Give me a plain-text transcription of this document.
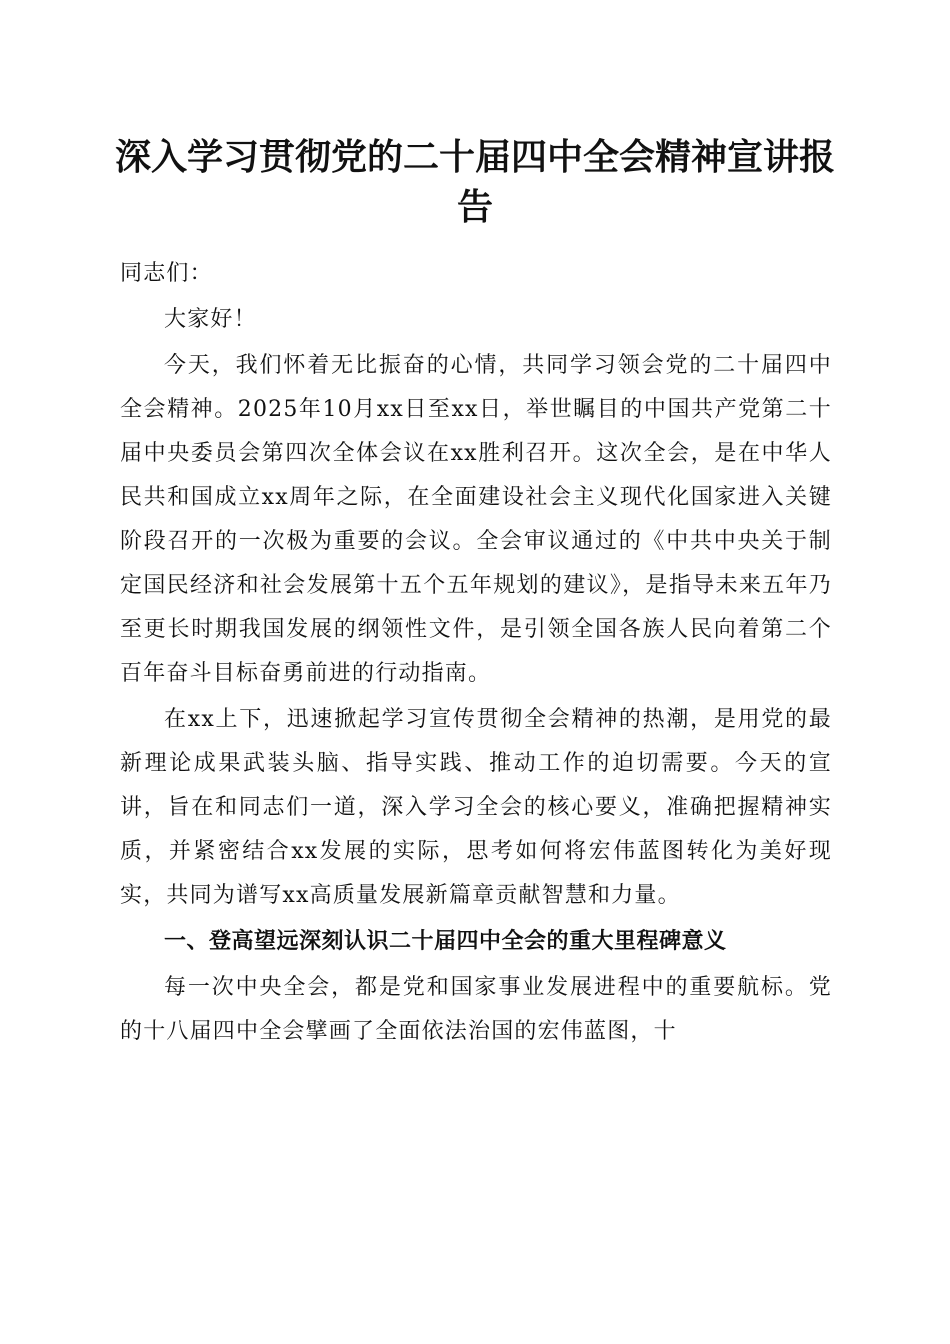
深入学习贯彻党的二十届四中全会精神宣讲报告

同志们：

大家好！

今天，我们怀着无比振奋的心情，共同学习领会党的二十届四中全会精神。2025年10月xx日至xx日，举世瞩目的中国共产党第二十届中央委员会第四次全体会议在xx胜利召开。这次全会，是在中华人民共和国成立xx周年之际，在全面建设社会主义现代化国家进入关键阶段召开的一次极为重要的会议。全会审议通过的《中共中央关于制定国民经济和社会发展第十五个五年规划的建议》，是指导未来五年乃至更长时期我国发展的纲领性文件，是引领全国各族人民向着第二个百年奋斗目标奋勇前进的行动指南。

在xx上下，迅速掀起学习宣传贯彻全会精神的热潮，是用党的最新理论成果武装头脑、指导实践、推动工作的迫切需要。今天的宣讲，旨在和同志们一道，深入学习全会的核心要义，准确把握精神实质，并紧密结合xx发展的实际，思考如何将宏伟蓝图转化为美好现实，共同为谱写xx高质量发展新篇章贡献智慧和力量。

一、登高望远深刻认识二十届四中全会的重大里程碑意义

每一次中央全会，都是党和国家事业发展进程中的重要航标。党的十八届四中全会擘画了全面依法治国的宏伟蓝图，十
